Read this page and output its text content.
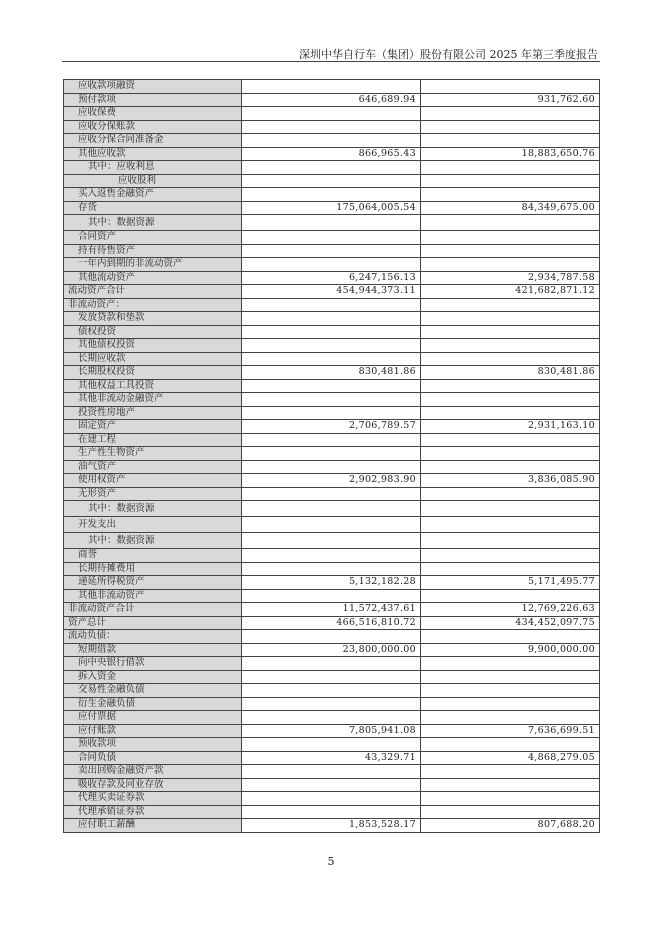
深圳中华自行车（集团）股份有限公司 2025 年第三季度报告
应收款项融资		
预付款项	646,689.94	931,762.60
应收保费		
应收分保账款		
应收分保合同准备金		
其他应收款	866,965.43	18,883,650.76
其中：应收利息		
应收股利		
买入返售金融资产		
存货	175,064,005.54	84,349,675.00
其中：数据资源		
合同资产		
持有待售资产		
一年内到期的非流动资产		
其他流动资产	6,247,156.13	2,934,787.58
流动资产合计	454,944,373.11	421,682,871.12
非流动资产：		
发放贷款和垫款		
债权投资		
其他债权投资		
长期应收款		
长期股权投资	830,481.86	830,481.86
其他权益工具投资		
其他非流动金融资产		
投资性房地产		
固定资产	2,706,789.57	2,931,163.10
在建工程		
生产性生物资产		
油气资产		
使用权资产	2,902,983.90	3,836,085.90
无形资产		
其中：数据资源		
开发支出		
其中：数据资源		
商誉		
长期待摊费用		
递延所得税资产	5,132,182.28	5,171,495.77
其他非流动资产		
非流动资产合计	11,572,437.61	12,769,226.63
资产总计	466,516,810.72	434,452,097.75
流动负债：		
短期借款	23,800,000.00	9,900,000.00
向中央银行借款		
拆入资金		
交易性金融负债		
衍生金融负债		
应付票据		
应付账款	7,805,941.08	7,636,699.51
预收款项		
合同负债	43,329.71	4,868,279.05
卖出回购金融资产款		
吸收存款及同业存放		
代理买卖证券款		
代理承销证券款		
应付职工薪酬	1,853,528.17	807,688.20
5
